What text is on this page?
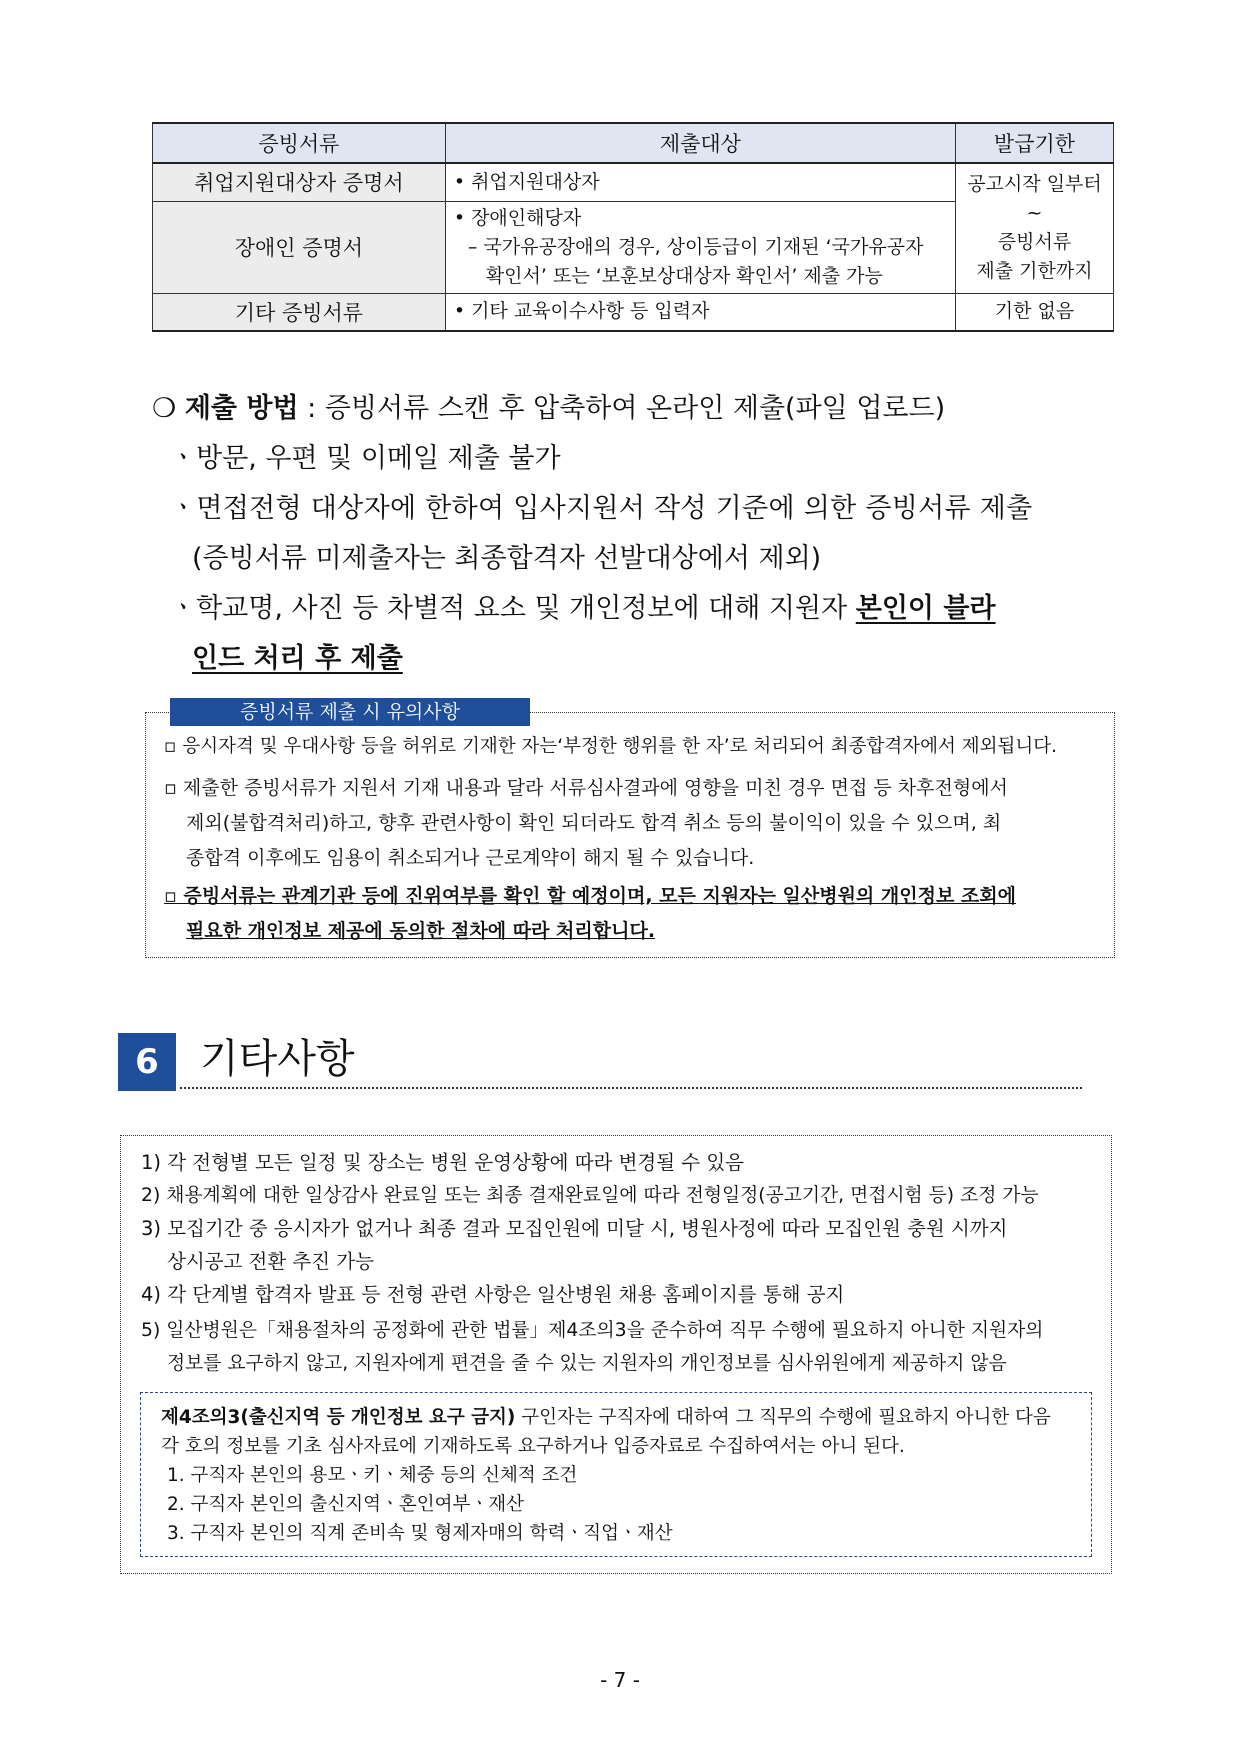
증빙서류	제출대상	발급기한
취업지원대상자 증명서	• 취업지원대상자	공고시작 일부터
~
증빙서류
제출 기한까지

장애인 증명서	• 장애인해당자
– 국가유공장애의 경우, 상이등급이 기재된 ‘국가유공자
확인서’ 또는 ‘보훈보상대상자 확인서’ 제출 가능

기타 증빙서류	• 기타 교육이수사항 등 입력자	기한 없음
❍ 제출 방법 : 증빙서류 스캔 후 압축하여 온라인 제출(파일 업로드)
ㆍ방문, 우편 및 이메일 제출 불가
ㆍ면접전형 대상자에 한하여 입사지원서 작성 기준에 의한 증빙서류 제출
(증빙서류 미제출자는 최종합격자 선발대상에서 제외)
ㆍ학교명, 사진 등 차별적 요소 및 개인정보에 대해 지원자 본인이 블라
인드 처리 후 제출

▫ 응시자격 및 우대사항 등을 허위로 기재한 자는‘부정한 행위를 한 자’로 처리되어 최종합격자에서 제외됩니다.

▫ 제출한 증빙서류가 지원서 기재 내용과 달라 서류심사결과에 영향을 미친 경우 면접 등 차후전형에서

제외(불합격처리)하고, 향후 관련사항이 확인 되더라도 합격 취소 등의 불이익이 있을 수 있으며, 최

종합격 이후에도 임용이 취소되거나 근로계약이 해지 될 수 있습니다.

▫ 증빙서류는 관계기관 등에 진위여부를 확인 할 예정이며, 모든 지원자는 일산병원의 개인정보 조회에

필요한 개인정보 제공에 동의한 절차에 따라 처리합니다.

증빙서류 제출 시 유의사항
6	기타사항
1) 각 전형별 모든 일정 및 장소는 병원 운영상황에 따라 변경될 수 있음
2) 채용계획에 대한 일상감사 완료일 또는 최종 결재완료일에 따라 전형일정(공고기간, 면접시험 등) 조정 가능
3) 모집기간 중 응시자가 없거나 최종 결과 모집인원에 미달 시, 병원사정에 따라 모집인원 충원 시까지
상시공고 전환 추진 가능
4) 각 단계별 합격자 발표 등 전형 관련 사항은 일산병원 채용 홈페이지를 통해 공지
5) 일산병원은「채용절차의 공정화에 관한 법률」제4조의3을 준수하여 직무 수행에 필요하지 아니한 지원자의
정보를 요구하지 않고, 지원자에게 편견을 줄 수 있는 지원자의 개인정보를 심사위원에게 제공하지 않음
제4조의3(출신지역 등 개인정보 요구 금지) 구인자는 구직자에 대하여 그 직무의 수행에 필요하지 아니한 다음
각 호의 정보를 기초 심사자료에 기재하도록 요구하거나 입증자료로 수집하여서는 아니 된다.
1. 구직자 본인의 용모ㆍ키ㆍ체중 등의 신체적 조건
2. 구직자 본인의 출신지역ㆍ혼인여부ㆍ재산
3. 구직자 본인의 직계 존비속 및 형제자매의 학력ㆍ직업ㆍ재산
- 7 -
